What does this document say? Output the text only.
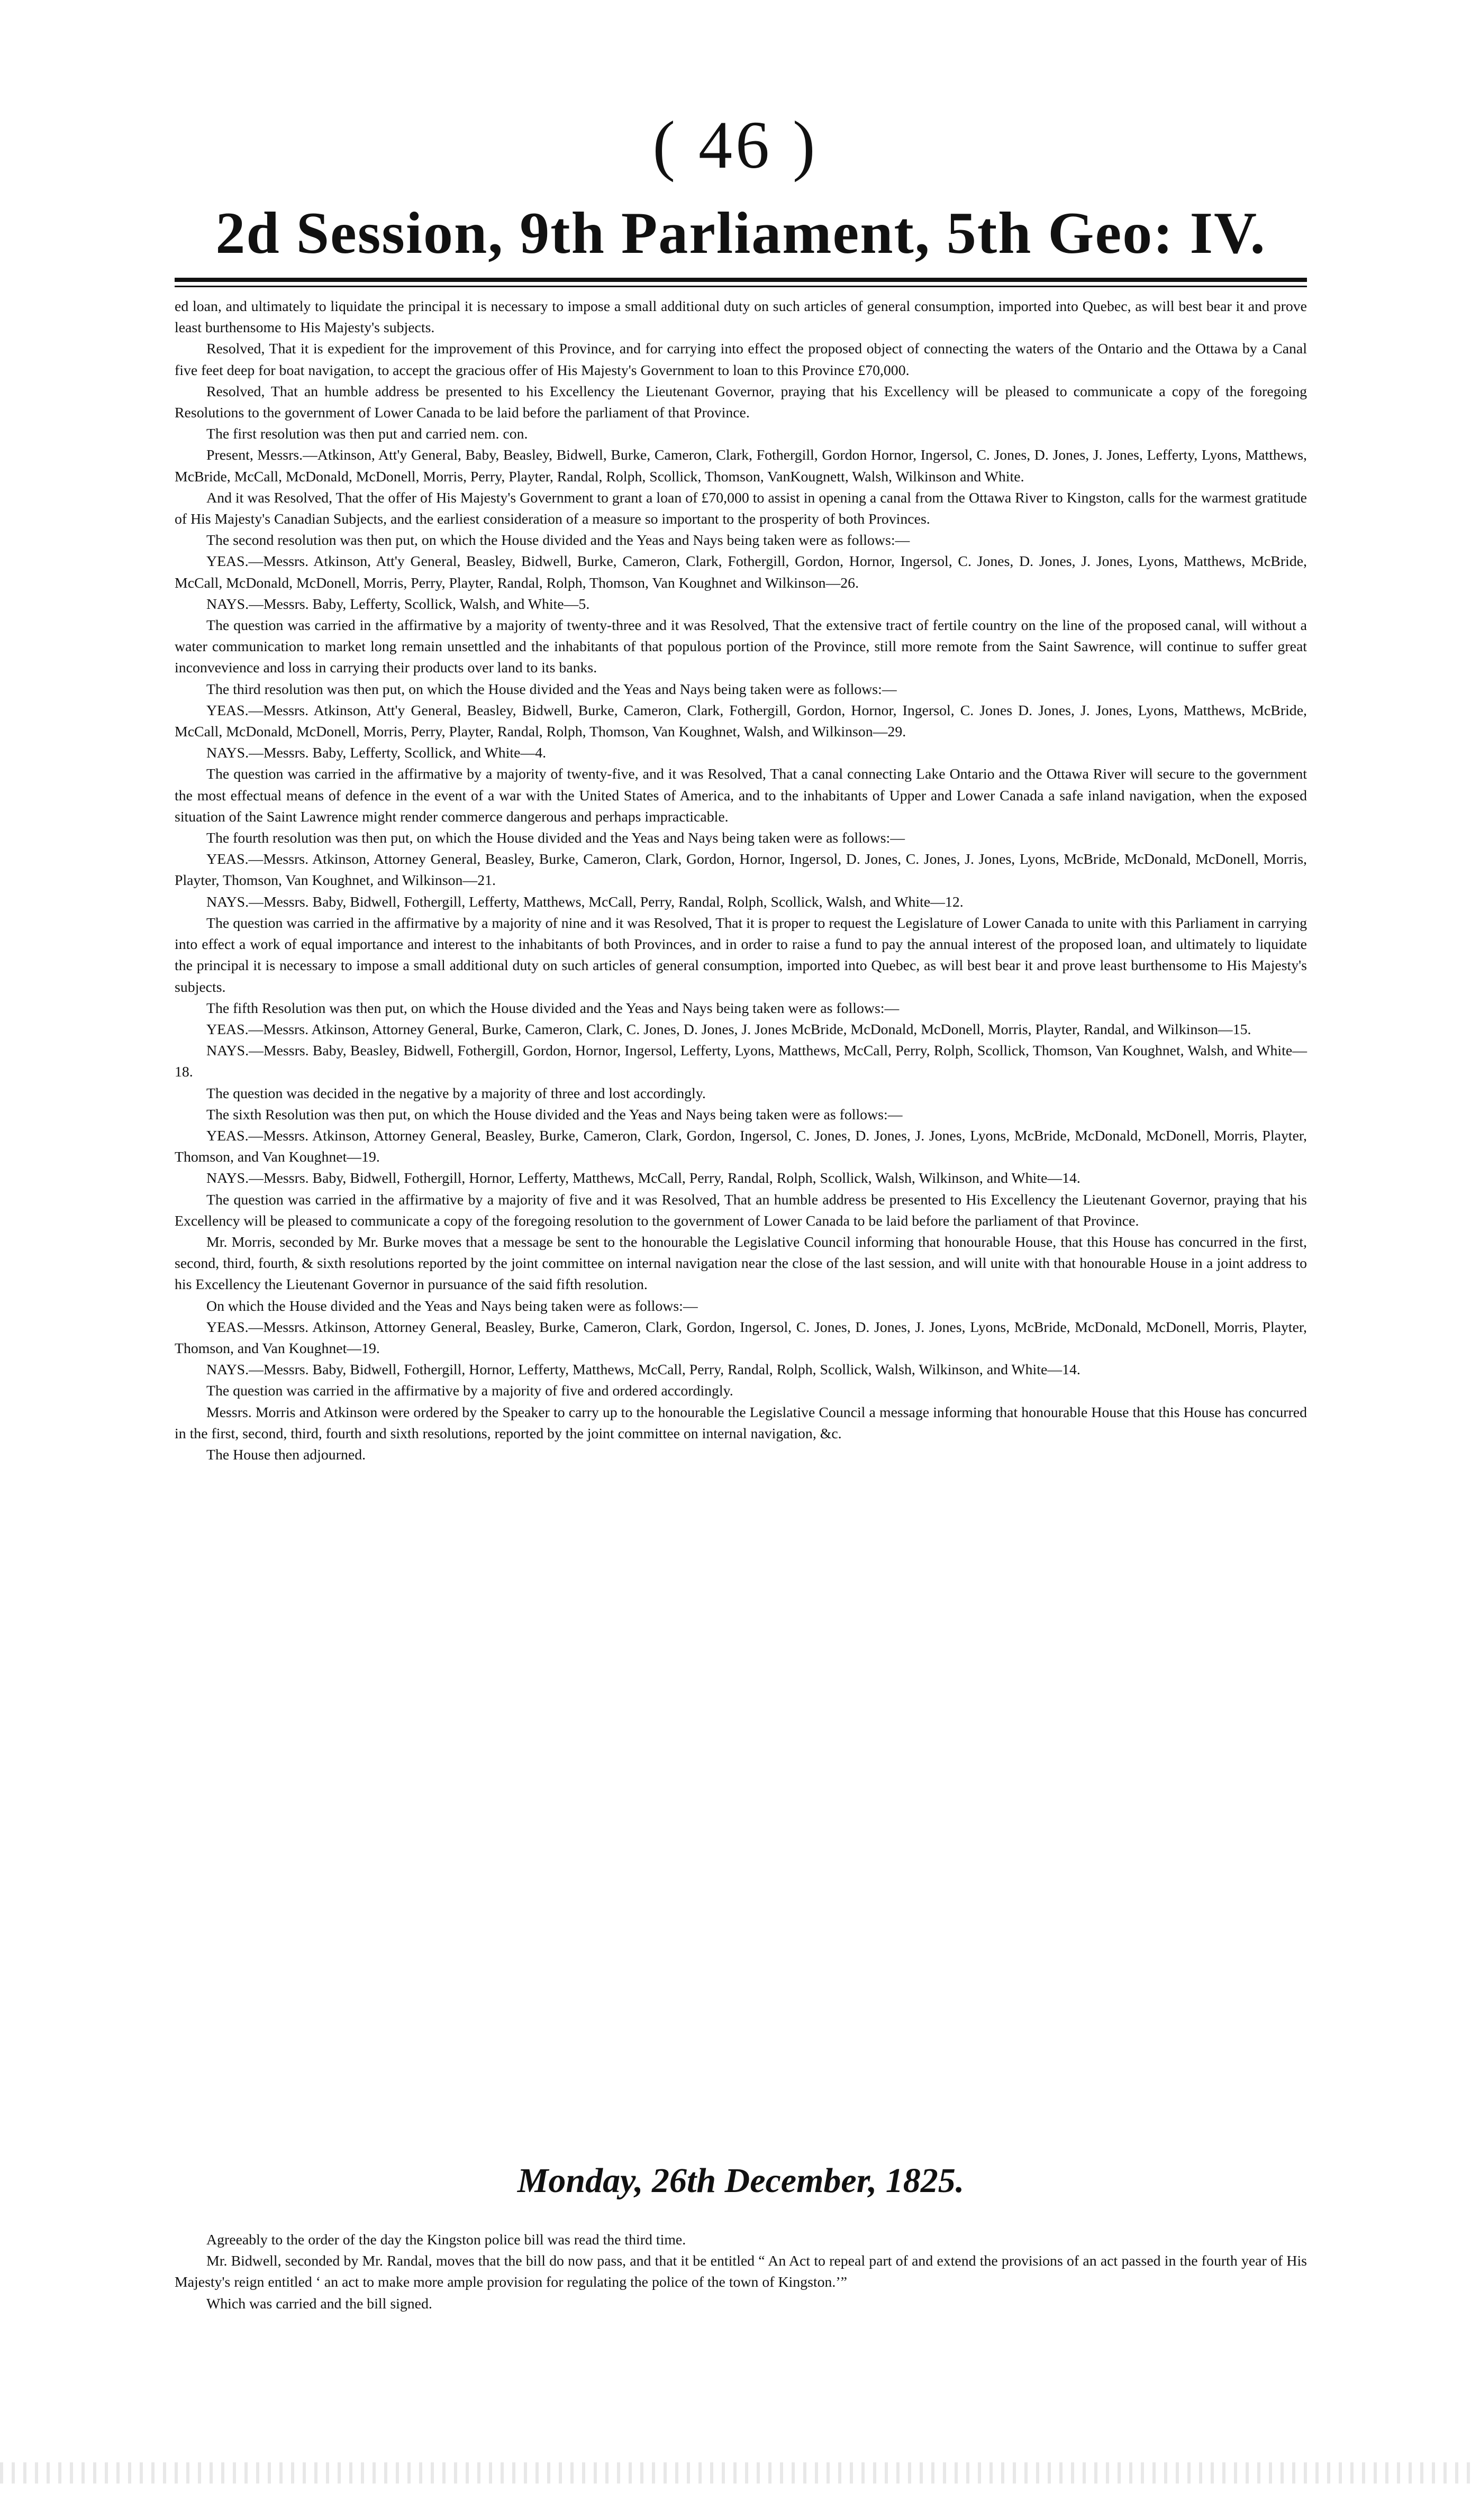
( 46 )
2d Session, 9th Parliament, 5th Geo: IV.

ed loan, and ultimately to liquidate the principal it is necessary to impose a small additional duty on such articles of general consumption, imported into Quebec, as will best bear it and prove least burthensome to His Majesty's subjects.

Resolved, That it is expedient for the improvement of this Province, and for carrying into effect the proposed object of connecting the waters of the Ontario and the Ottawa by a Canal five feet deep for boat navigation, to accept the gracious offer of His Majesty's Government to loan to this Province £70,000.

Resolved, That an humble address be presented to his Excellency the Lieutenant Governor, praying that his Excellency will be pleased to communicate a copy of the foregoing Resolutions to the government of Lower Canada to be laid before the parliament of that Province.

The first resolution was then put and carried nem. con.

Present, Messrs.—Atkinson, Att'y General, Baby, Beasley, Bidwell, Burke, Cameron, Clark, Fothergill, Gordon Hornor, Ingersol, C. Jones, D. Jones, J. Jones, Lefferty, Lyons, Matthews, McBride, McCall, McDonald, McDonell, Morris, Perry, Playter, Randal, Rolph, Scollick, Thomson, VanKougnett, Walsh, Wilkinson and White.

And it was Resolved, That the offer of His Majesty's Government to grant a loan of £70,000 to assist in opening a canal from the Ottawa River to Kingston, calls for the warmest gratitude of His Majesty's Canadian Subjects, and the earliest consideration of a measure so important to the prosperity of both Provinces.

The second resolution was then put, on which the House divided and the Yeas and Nays being taken were as follows:—

YEAS.—Messrs. Atkinson, Att'y General, Beasley, Bidwell, Burke, Cameron, Clark, Fothergill, Gordon, Hornor, Ingersol, C. Jones, D. Jones, J. Jones, Lyons, Matthews, McBride, McCall, McDonald, McDonell, Morris, Perry, Playter, Randal, Rolph, Thomson, Van Koughnet and Wilkinson—26.

NAYS.—Messrs. Baby, Lefferty, Scollick, Walsh, and White—5.

The question was carried in the affirmative by a majority of twenty-three and it was Resolved, That the extensive tract of fertile country on the line of the proposed canal, will without a water communication to market long remain unsettled and the inhabitants of that populous portion of the Province, still more remote from the Saint Sawrence, will continue to suffer great inconvevience and loss in carrying their products over land to its banks.

The third resolution was then put, on which the House divided and the Yeas and Nays being taken were as follows:—

YEAS.—Messrs. Atkinson, Att'y General, Beasley, Bidwell, Burke, Cameron, Clark, Fothergill, Gordon, Hornor, Ingersol, C. Jones D. Jones, J. Jones, Lyons, Matthews, McBride, McCall, McDonald, McDonell, Morris, Perry, Playter, Randal, Rolph, Thomson, Van Koughnet, Walsh, and Wilkinson—29.

NAYS.—Messrs. Baby, Lefferty, Scollick, and White—4.

The question was carried in the affirmative by a majority of twenty-five, and it was Resolved, That a canal connecting Lake Ontario and the Ottawa River will secure to the government the most effectual means of defence in the event of a war with the United States of America, and to the inhabitants of Upper and Lower Canada a safe inland navigation, when the exposed situation of the Saint Lawrence might render commerce dangerous and perhaps impracticable.

The fourth resolution was then put, on which the House divided and the Yeas and Nays being taken were as follows:—

YEAS.—Messrs. Atkinson, Attorney General, Beasley, Burke, Cameron, Clark, Gordon, Hornor, Ingersol, D. Jones, C. Jones, J. Jones, Lyons, McBride, McDonald, McDonell, Morris, Playter, Thomson, Van Koughnet, and Wilkinson—21.

NAYS.—Messrs. Baby, Bidwell, Fothergill, Lefferty, Matthews, McCall, Perry, Randal, Rolph, Scollick, Walsh, and White—12.

The question was carried in the affirmative by a majority of nine and it was Resolved, That it is proper to request the Legislature of Lower Canada to unite with this Parliament in carrying into effect a work of equal importance and interest to the inhabitants of both Provinces, and in order to raise a fund to pay the annual interest of the proposed loan, and ultimately to liquidate the principal it is necessary to impose a small additional duty on such articles of general consumption, imported into Quebec, as will best bear it and prove least burthensome to His Majesty's subjects.

The fifth Resolution was then put, on which the House divided and the Yeas and Nays being taken were as follows:—

YEAS.—Messrs. Atkinson, Attorney General, Burke, Cameron, Clark, C. Jones, D. Jones, J. Jones McBride, McDonald, McDonell, Morris, Playter, Randal, and Wilkinson—15.

NAYS.—Messrs. Baby, Beasley, Bidwell, Fothergill, Gordon, Hornor, Ingersol, Lefferty, Lyons, Matthews, McCall, Perry, Rolph, Scollick, Thomson, Van Koughnet, Walsh, and White—18.

The question was decided in the negative by a majority of three and lost accordingly.

The sixth Resolution was then put, on which the House divided and the Yeas and Nays being taken were as follows:—

YEAS.—Messrs. Atkinson, Attorney General, Beasley, Burke, Cameron, Clark, Gordon, Ingersol, C. Jones, D. Jones, J. Jones, Lyons, McBride, McDonald, McDonell, Morris, Playter, Thomson, and Van Koughnet—19.

NAYS.—Messrs. Baby, Bidwell, Fothergill, Hornor, Lefferty, Matthews, McCall, Perry, Randal, Rolph, Scollick, Walsh, Wilkinson, and White—14.

The question was carried in the affirmative by a majority of five and it was Resolved, That an humble address be presented to His Excellency the Lieutenant Governor, praying that his Excellency will be pleased to communicate a copy of the foregoing resolution to the government of Lower Canada to be laid before the parliament of that Province.

Mr. Morris, seconded by Mr. Burke moves that a message be sent to the honourable the Legislative Council informing that honourable House, that this House has concurred in the first, second, third, fourth, & sixth resolutions reported by the joint committee on internal navigation near the close of the last session, and will unite with that honourable House in a joint address to his Excellency the Lieutenant Governor in pursuance of the said fifth resolution.

On which the House divided and the Yeas and Nays being taken were as follows:—

YEAS.—Messrs. Atkinson, Attorney General, Beasley, Burke, Cameron, Clark, Gordon, Ingersol, C. Jones, D. Jones, J. Jones, Lyons, McBride, McDonald, McDonell, Morris, Playter, Thomson, and Van Koughnet—19.

NAYS.—Messrs. Baby, Bidwell, Fothergill, Hornor, Lefferty, Matthews, McCall, Perry, Randal, Rolph, Scollick, Walsh, Wilkinson, and White—14.

The question was carried in the affirmative by a majority of five and ordered accordingly.

Messrs. Morris and Atkinson were ordered by the Speaker to carry up to the honourable the Legislative Council a message informing that honourable House that this House has concurred in the first, second, third, fourth and sixth resolutions, reported by the joint committee on internal navigation, &c.

The House then adjourned.

Monday, 26th December, 1825.

Agreeably to the order of the day the Kingston police bill was read the third time.

Mr. Bidwell, seconded by Mr. Randal, moves that the bill do now pass, and that it be entitled “ An Act to repeal part of and extend the provisions of an act passed in the fourth year of His Majesty's reign entitled ‘ an act to make more ample provision for regulating the police of the town of Kingston.’”

Which was carried and the bill signed.
